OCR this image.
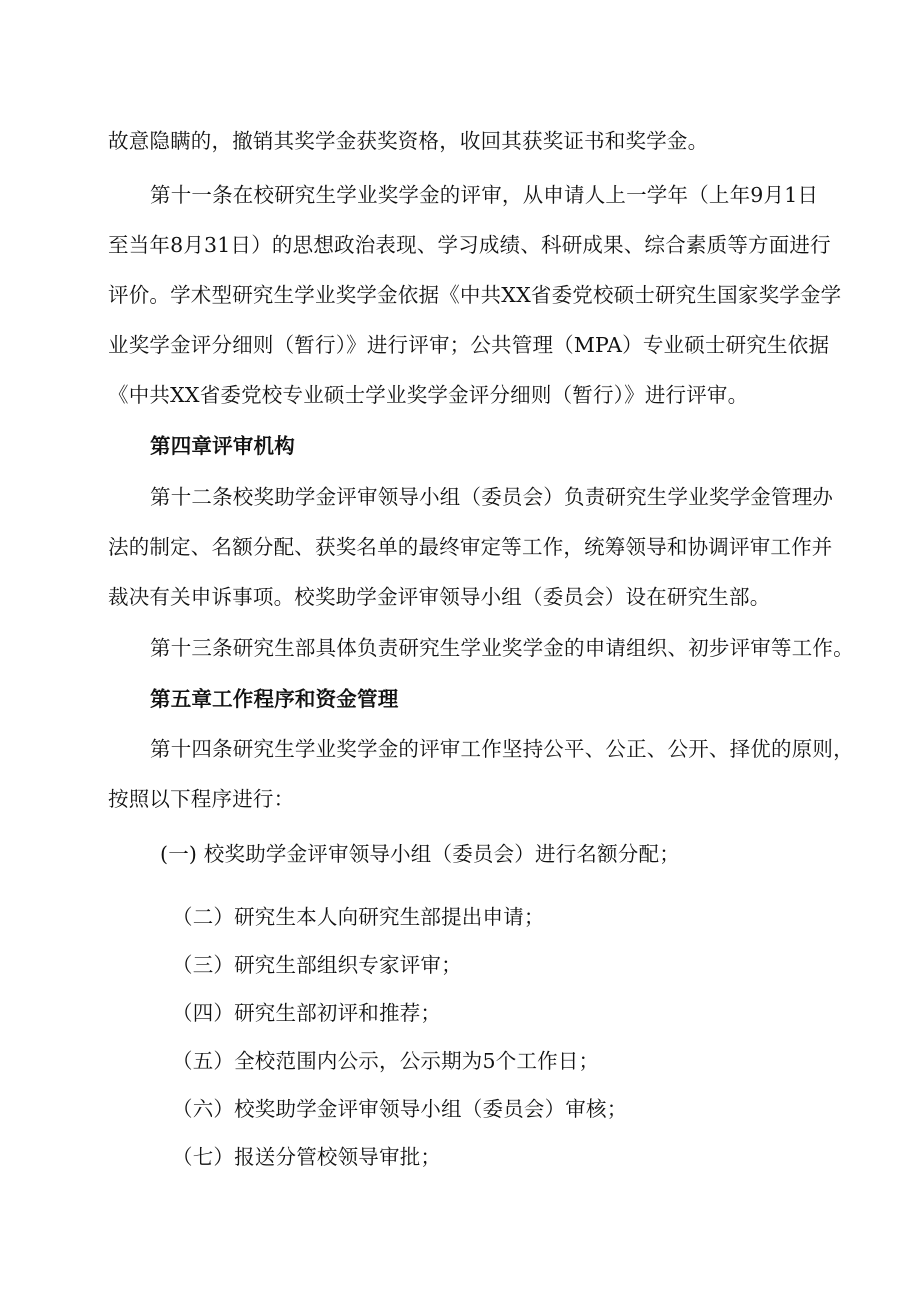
故意隐瞒的，撤销其奖学金获奖资格，收回其获奖证书和奖学金。
第十一条在校研究生学业奖学金的评审，从申请人上一学年（上年9月1日
至当年8月31日）的思想政治表现、学习成绩、科研成果、综合素质等方面进行
评价。学术型研究生学业奖学金依据《中共XX省委党校硕士研究生国家奖学金学
业奖学金评分细则（暂行）》进行评审；公共管理（MPA）专业硕士研究生依据
《中共XX省委党校专业硕士学业奖学金评分细则（暂行）》进行评审。
第四章评审机构
第十二条校奖助学金评审领导小组（委员会）负责研究生学业奖学金管理办
法的制定、名额分配、获奖名单的最终审定等工作，统筹领导和协调评审工作并
裁决有关申诉事项。校奖助学金评审领导小组（委员会）设在研究生部。
第十三条研究生部具体负责研究生学业奖学金的申请组织、初步评审等工作。
第五章工作程序和资金管理
第十四条研究生学业奖学金的评审工作坚持公平、公正、公开、择优的原则，
按照以下程序进行：
(一) 校奖助学金评审领导小组（委员会）进行名额分配；
（二）研究生本人向研究生部提出申请；
（三）研究生部组织专家评审；
（四）研究生部初评和推荐；
（五）全校范围内公示，公示期为5个工作日；
（六）校奖助学金评审领导小组（委员会）审核；
（七）报送分管校领导审批；
